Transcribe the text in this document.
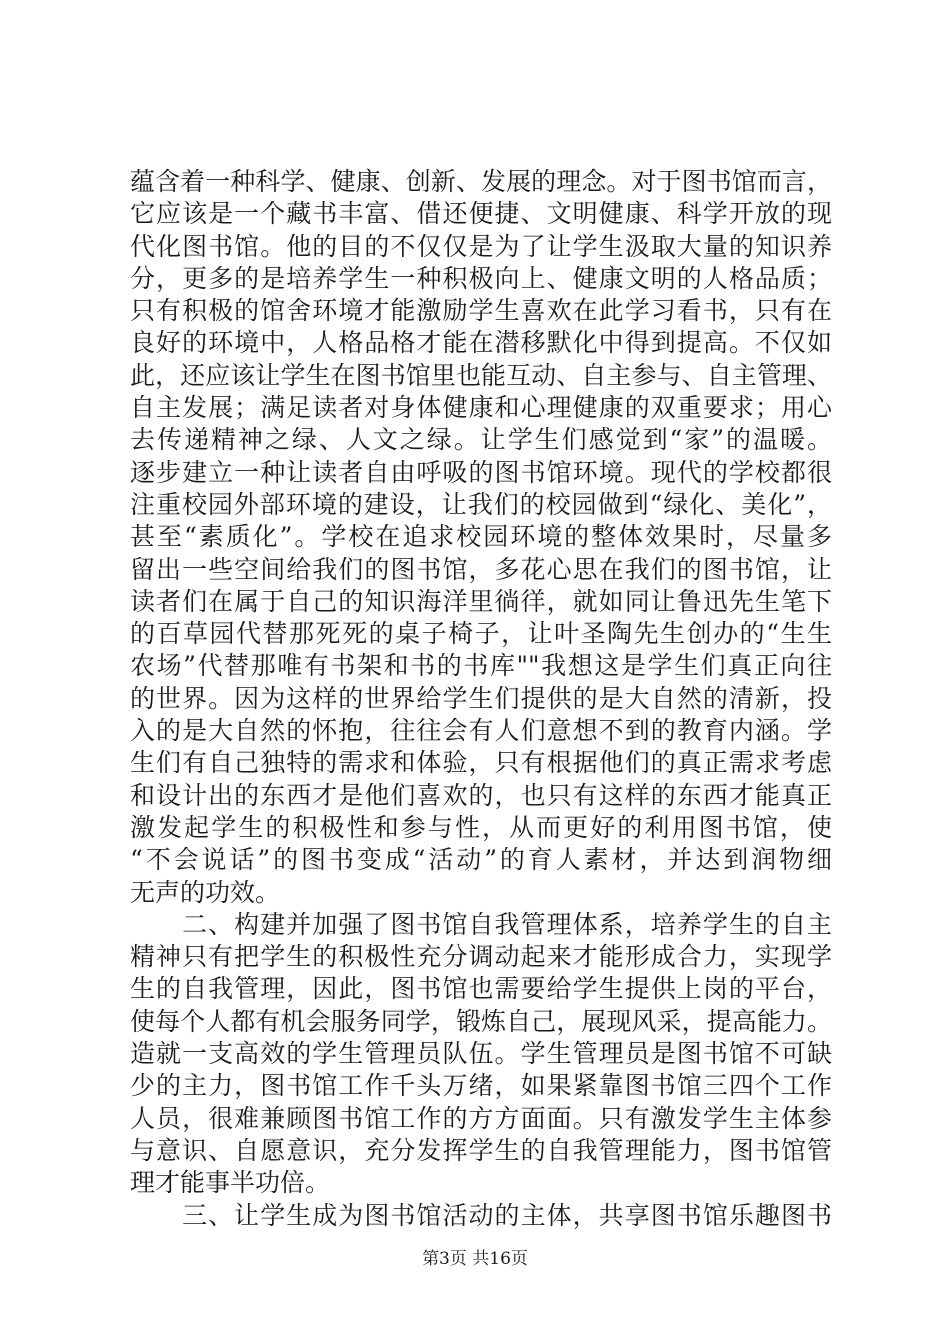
蕴含着一种科学、健康、创新、发展的理念。对于图书馆而言，
它应该是一个藏书丰富、借还便捷、文明健康、科学开放的现
代化图书馆。他的目的不仅仅是为了让学生汲取大量的知识养
分，更多的是培养学生一种积极向上、健康文明的人格品质；
只有积极的馆舍环境才能激励学生喜欢在此学习看书，只有在
良好的环境中，人格品格才能在潜移默化中得到提高。不仅如
此，还应该让学生在图书馆里也能互动、自主参与、自主管理、
自主发展；满足读者对身体健康和心理健康的双重要求；用心
去传递精神之绿、人文之绿。让学生们感觉到“家”的温暖。
逐步建立一种让读者自由呼吸的图书馆环境。现代的学校都很
注重校园外部环境的建设，让我们的校园做到“绿化、美化”，
甚至“素质化”。学校在追求校园环境的整体效果时，尽量多
留出一些空间给我们的图书馆，多花心思在我们的图书馆，让
读者们在属于自己的知识海洋里徜徉，就如同让鲁迅先生笔下
的百草园代替那死死的桌子椅子，让叶圣陶先生创办的“生生
农场”代替那唯有书架和书的书库""我想这是学生们真正向往
的世界。因为这样的世界给学生们提供的是大自然的清新，投
入的是大自然的怀抱，往往会有人们意想不到的教育内涵。学
生们有自己独特的需求和体验，只有根据他们的真正需求考虑
和设计出的东西才是他们喜欢的，也只有这样的东西才能真正
激发起学生的积极性和参与性，从而更好的利用图书馆，使
“不会说话”的图书变成“活动”的育人素材，并达到润物细
无声的功效。
　　二、构建并加强了图书馆自我管理体系，培养学生的自主
精神只有把学生的积极性充分调动起来才能形成合力，实现学
生的自我管理，因此，图书馆也需要给学生提供上岗的平台，
使每个人都有机会服务同学，锻炼自己，展现风采，提高能力。
造就一支高效的学生管理员队伍。学生管理员是图书馆不可缺
少的主力，图书馆工作千头万绪，如果紧靠图书馆三四个工作
人员，很难兼顾图书馆工作的方方面面。只有激发学生主体参
与意识、自愿意识，充分发挥学生的自我管理能力，图书馆管
理才能事半功倍。
　　三、让学生成为图书馆活动的主体，共享图书馆乐趣图书
第3页 共16页
